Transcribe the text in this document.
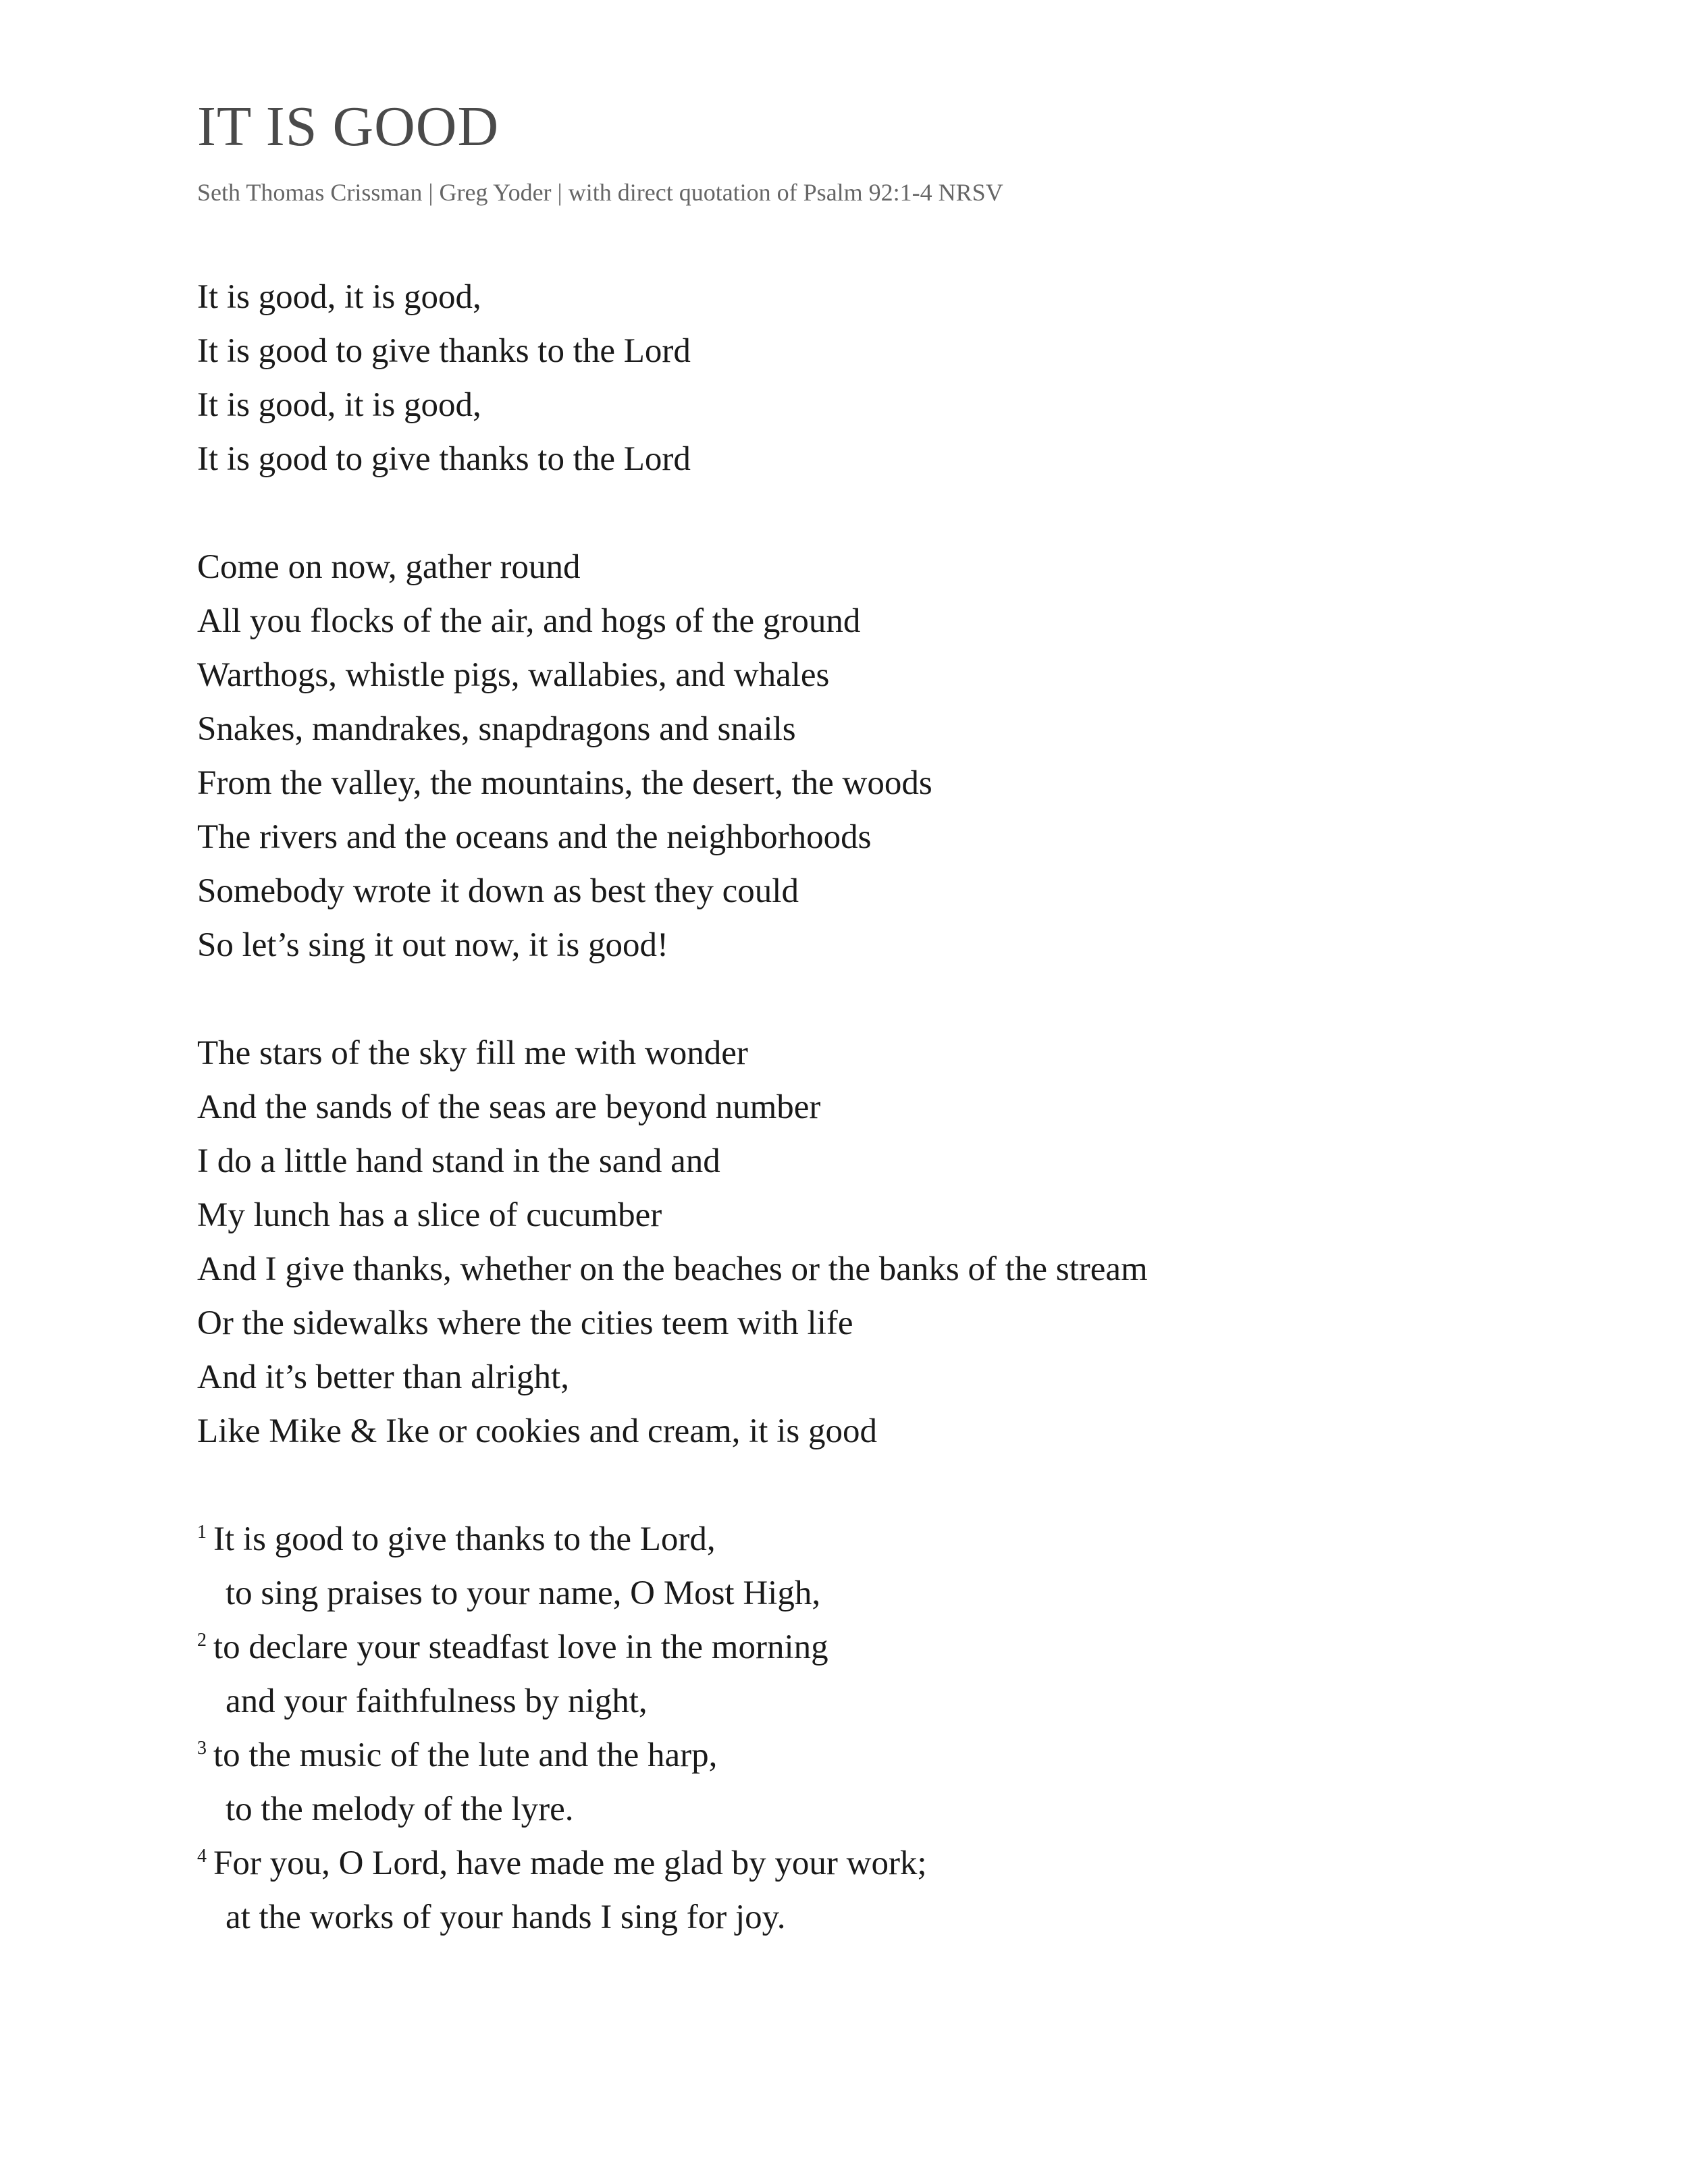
IT IS GOOD
Seth Thomas Crissman | Greg Yoder | with direct quotation of Psalm 92:1-4 NRSV
It is good, it is good,
It is good to give thanks to the Lord
It is good, it is good,
It is good to give thanks to the Lord
Come on now, gather round
All you flocks of the air, and hogs of the ground
Warthogs, whistle pigs, wallabies, and whales
Snakes, mandrakes, snapdragons and snails
From the valley, the mountains, the desert, the woods
The rivers and the oceans and the neighborhoods
Somebody wrote it down as best they could
So let’s sing it out now, it is good!
The stars of the sky fill me with wonder
And the sands of the seas are beyond number
I do a little hand stand in the sand and
My lunch has a slice of cucumber
And I give thanks, whether on the beaches or the banks of the stream
Or the sidewalks where the cities teem with life
And it’s better than alright,
Like Mike & Ike or cookies and cream, it is good
$^1$ It is good to give thanks to the Lord,
to sing praises to your name, O Most High,
$^2$ to declare your steadfast love in the morning
and your faithfulness by night,
$^3$ to the music of the lute and the harp,
to the melody of the lyre.
$^4$ For you, O Lord, have made me glad by your work;
at the works of your hands I sing for joy.
